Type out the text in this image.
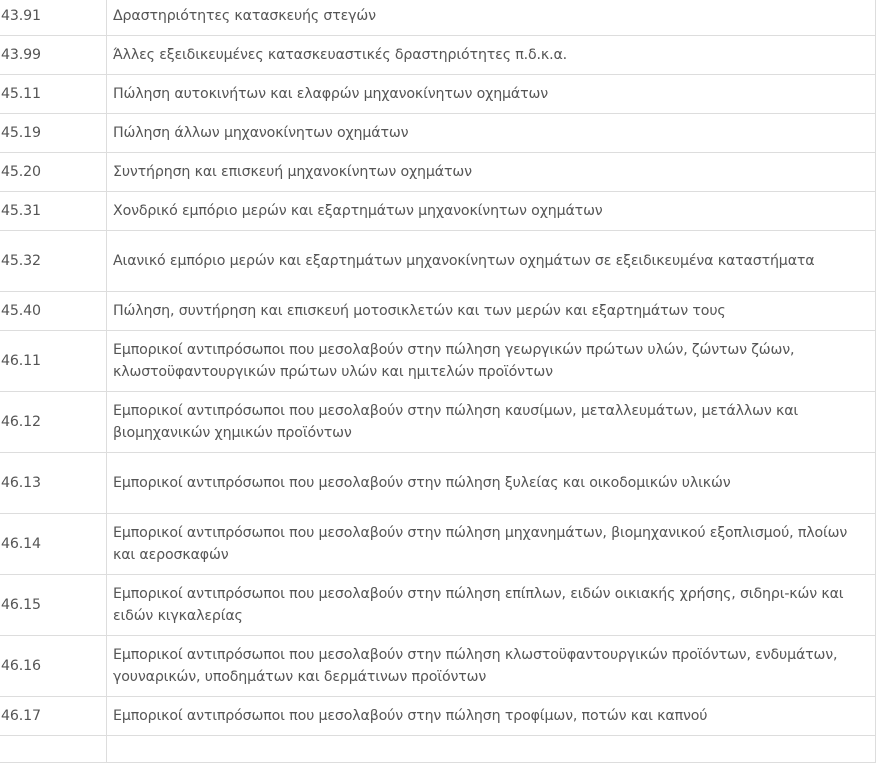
43.91	Δραστηριότητες κατασκευής στεγών
43.99	Άλλες εξειδικευμένες κατασκευαστικές δραστηριότητες π.δ.κ.α.
45.11	Πώληση αυτοκινήτων και ελαφρών μηχανοκίνητων οχημάτων
45.19	Πώληση άλλων μηχανοκίνητων οχημάτων
45.20	Συντήρηση και επισκευή μηχανοκίνητων οχημάτων
45.31	Χονδρικό εμπόριο μερών και εξαρτημάτων μηχανοκίνητων οχημάτων
45.32	Αιανικό εμπόριο μερών και εξαρτημάτων μηχανοκίνητων οχημάτων σε εξειδικευμένα καταστήματα
45.40	Πώληση, συντήρηση και επισκευή μοτοσικλετών και των μερών και εξαρτημάτων τους
46.11	Εμπορικοί αντιπρόσωποι που μεσολαβούν στην πώληση γεωργικών πρώτων υλών, ζώντων ζώων, κλωστοϋφαντουργικών πρώτων υλών και ημιτελών προϊόντων
46.12	Εμπορικοί αντιπρόσωποι που μεσολαβούν στην πώληση καυσίμων, μεταλλευμάτων, μετάλλων και βιομηχανικών χημικών προϊόντων
46.13	Εμπορικοί αντιπρόσωποι που μεσολαβούν στην πώληση ξυλείας και οικοδομικών υλικών
46.14	Εμπορικοί αντιπρόσωποι που μεσολαβούν στην πώληση μηχανημάτων, βιομηχανικού εξοπλισμού, πλοίων και αεροσκαφών
46.15	Εμπορικοί αντιπρόσωποι που μεσολαβούν στην πώληση επίπλων, ειδών οικιακής χρήσης, σιδηρι-κών και ειδών κιγκαλερίας
46.16	Εμπορικοί αντιπρόσωποι που μεσολαβούν στην πώληση κλωστοϋφαντουργικών προϊόντων, ενδυμάτων, γουναρικών, υποδημάτων και δερμάτινων προϊόντων
46.17	Εμπορικοί αντιπρόσωποι που μεσολαβούν στην πώληση τροφίμων, ποτών και καπνού
